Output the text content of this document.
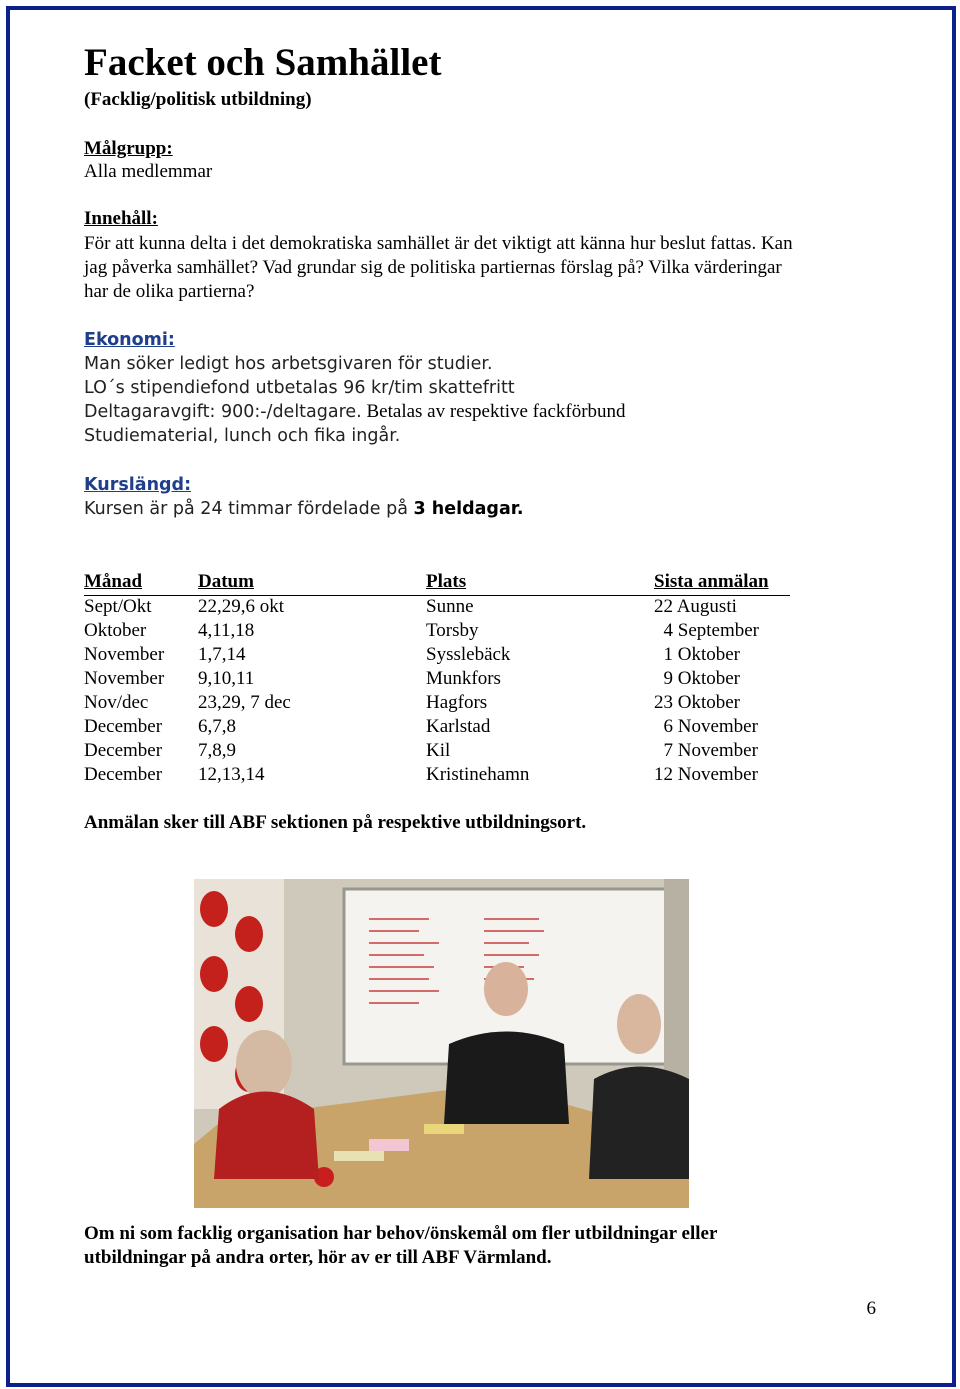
Facket och Samhället
(Facklig/politisk utbildning)
Målgrupp:
Alla medlemmar
Innehåll:
För att kunna delta i det demokratiska samhället är det viktigt att känna hur beslut fattas. Kan
jag påverka samhället? Vad grundar sig de politiska partiernas förslag på? Vilka värderingar
har de olika partierna?
Ekonomi:
Man söker ledigt hos arbetsgivaren för studier.
LO´s stipendiefond utbetalas 96 kr/tim skattefritt
Deltagaravgift: 900:-/deltagare. Betalas av respektive fackförbund
Studiematerial, lunch och fika ingår.
Kurslängd:
Kursen är på 24 timmar fördelade på 3 heldagar.
Månad	Datum	Plats	Sista anmälan
Sept/Okt	22,29,6 okt	Sunne	22 Augusti
Oktober	4,11,18	Torsby	4 September
November	1,7,14	Sysslebäck	1 Oktober
November	9,10,11	Munkfors	9 Oktober
Nov/dec	23,29, 7 dec	Hagfors	23 Oktober
December	6,7,8	Karlstad	6 November
December	7,8,9	Kil	7 November
December	12,13,14	Kristinehamn	12 November
Anmälan sker till ABF sektionen på respektive utbildningsort.
Om ni som facklig organisation har behov/önskemål om fler utbildningar eller
utbildningar på andra orter, hör av er till ABF Värmland.
6
